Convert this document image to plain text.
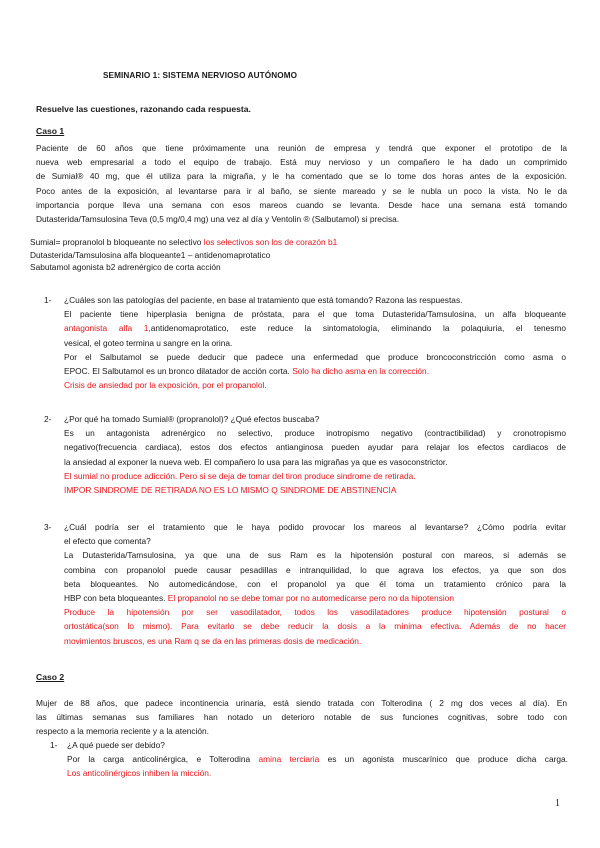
SEMINARIO 1: SISTEMA NERVIOSO AUTÓNOMO
Resuelve las cuestiones, razonando cada respuesta.
Caso 1
Paciente de 60 años que tiene próximamente una reunión de empresa y tendrá que exponer el prototipo de la
nueva web empresarial a todo el equipo de trabajo. Está muy nervioso y un compañero le ha dado un comprimido
de Sumial® 40 mg, que él utiliza para la migraña, y le ha comentado que se lo tome dos horas antes de la exposición.
Poco antes de la exposición, al levantarse para ir al baño, se siente mareado y se le nubla un poco la vista. No le da
importancia porque lleva una semana con esos mareos cuando se levanta. Desde hace una semana está tomando
Dutasterida/Tamsulosina Teva (0,5 mg/0,4 mg) una vez al día y Ventolin ® (Salbutamol) si precisa.
Sumial= propranolol b bloqueante no selectivo los selectivos son los de corazón b1
Dutasterida/Tamsulosina alfa bloqueante1 – antidenomaprotatico
Sabutamol agonista b2 adrenérgico de corta acción
1- ¿Cuáles son las patologías del paciente, en base al tratamiento que está tomando? Razona las respuestas.
El paciente tiene hiperplasia benigna de próstata, para el que toma Dutasterida/Tamsulosina, un alfa bloqueante
antagonista alfa 1,antidenomaprotatico, este reduce la sintomatología, eliminando la polaquiuria, el tenesmo
vesical, el goteo termina u sangre en la orina.
Por el Salbutamol se puede deducir que padece una enfermedad que produce broncoconstricción como asma o
EPOC. El Salbutamol es un bronco dilatador de acción corta. Solo ha dicho asma en la corrección.
Crisis de ansiedad por la exposición, por el propanolol.
2- ¿Por qué ha tomado Sumial® (propranolol)? ¿Qué efectos buscaba?
Es un antagonista adrenérgico no selectivo, produce inotropismo negativo (contractibilidad) y cronotropismo
negativo(frecuencia cardiaca), estos dos efectos antianginosa pueden ayudar para relajar los efectos cardiacos de
la ansiedad al exponer la nueva web. El compañero lo usa para las migrañas ya que es vasoconstrictor.
El sumial no produce adicción. Pero si se deja de tomar del tiron produce sindrome de retirada.
IMPOR SINDROME DE RETIRADA NO ES LO MISMO Q SINDROME DE ABSTINENCIA
3- ¿Cuál podría ser el tratamiento que le haya podido provocar los mareos al levantarse? ¿Cómo podría evitar
el efecto que comenta?
La Dutasterida/Tamsulosina, ya que una de sus Ram es la hipotensión postural con mareos, si además se
combina con propanolol puede causar pesadillas e intranquilidad, lo que agrava los efectos, ya que son dos
beta bloqueantes. No automedicándose, con el propanolol ya que él toma un tratamiento crónico para la
HBP con beta bloqueantes. El propanolol no se debe tomar por no automedicarse pero no da hipotension
Produce la hipotensión por ser vasodilatador, todos los vasodilatadores produce hipotensión postural o
ortostática(son lo mismo). Para evitarlo se debe reducir la dosis a la mínima efectiva. Además de no hacer
movimientos bruscos, es una Ram q se da en las primeras dosis de medicación.
Caso 2
Mujer de 88 años, que padece incontinencia urinaria, está siendo tratada con Tolterodina ( 2 mg dos veces al día). En
las últimas semanas sus familiares han notado un deterioro notable de sus funciones cognitivas, sobre todo con
respecto a la memoria reciente y a la atención.
1- ¿A qué puede ser debido?
Por la carga anticolinérgica, e Tolterodina amina terciaria es un agonista muscarínico que produce dicha carga.
Los anticolinérgicos inhiben la micción.
1
